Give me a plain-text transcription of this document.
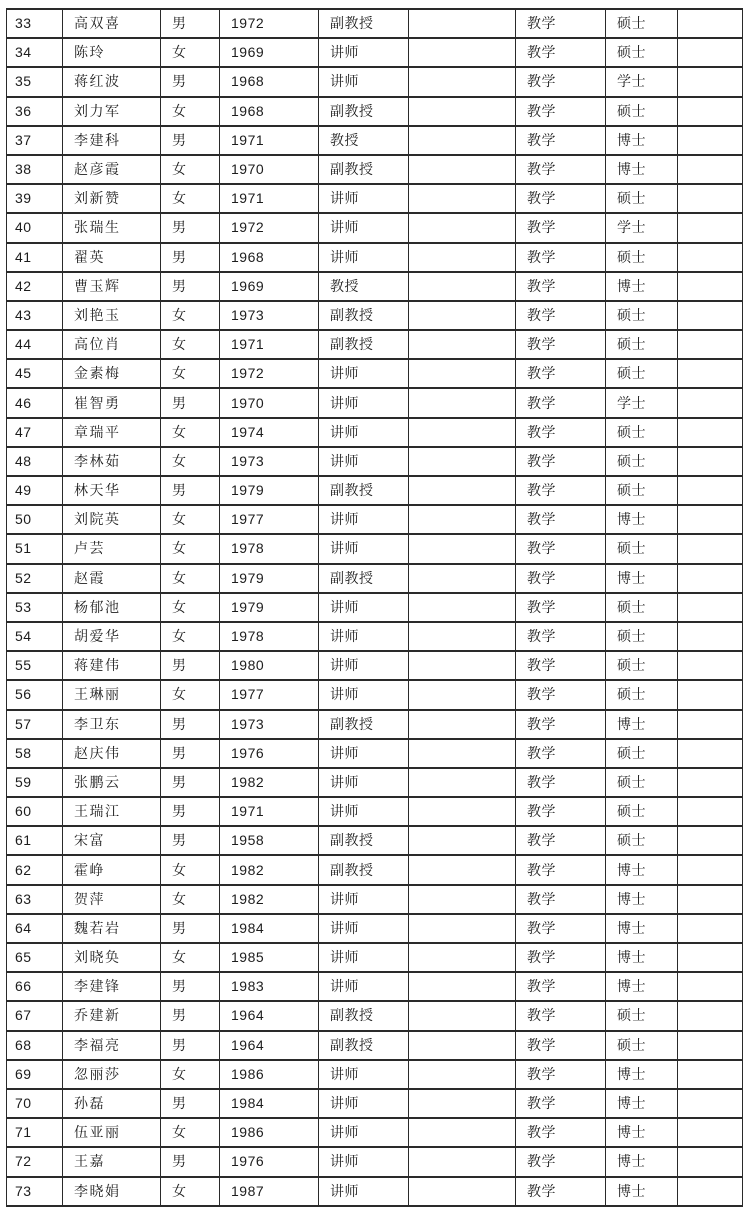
33	高双喜	男	1972	副教授		教学	硕士	
34	陈玲	女	1969	讲师		教学	硕士	
35	蒋红波	男	1968	讲师		教学	学士	
36	刘力军	女	1968	副教授		教学	硕士	
37	李建科	男	1971	教授		教学	博士	
38	赵彦霞	女	1970	副教授		教学	博士	
39	刘新赞	女	1971	讲师		教学	硕士	
40	张瑞生	男	1972	讲师		教学	学士	
41	翟英	男	1968	讲师		教学	硕士	
42	曹玉辉	男	1969	教授		教学	博士	
43	刘艳玉	女	1973	副教授		教学	硕士	
44	高位肖	女	1971	副教授		教学	硕士	
45	金素梅	女	1972	讲师		教学	硕士	
46	崔智勇	男	1970	讲师		教学	学士	
47	章瑞平	女	1974	讲师		教学	硕士	
48	李林茹	女	1973	讲师		教学	硕士	
49	林天华	男	1979	副教授		教学	硕士	
50	刘院英	女	1977	讲师		教学	博士	
51	卢芸	女	1978	讲师		教学	硕士	
52	赵霞	女	1979	副教授		教学	博士	
53	杨郁池	女	1979	讲师		教学	硕士	
54	胡爱华	女	1978	讲师		教学	硕士	
55	蒋建伟	男	1980	讲师		教学	硕士	
56	王琳丽	女	1977	讲师		教学	硕士	
57	李卫东	男	1973	副教授		教学	博士	
58	赵庆伟	男	1976	讲师		教学	硕士	
59	张鹏云	男	1982	讲师		教学	硕士	
60	王瑞江	男	1971	讲师		教学	硕士	
61	宋富	男	1958	副教授		教学	硕士	
62	霍峥	女	1982	副教授		教学	博士	
63	贺萍	女	1982	讲师		教学	博士	
64	魏若岩	男	1984	讲师		教学	博士	
65	刘晓奂	女	1985	讲师		教学	博士	
66	李建锋	男	1983	讲师		教学	博士	
67	乔建新	男	1964	副教授		教学	硕士	
68	李福亮	男	1964	副教授		教学	硕士	
69	忽丽莎	女	1986	讲师		教学	博士	
70	孙磊	男	1984	讲师		教学	博士	
71	伍亚丽	女	1986	讲师		教学	博士	
72	王嘉	男	1976	讲师		教学	博士	
73	李晓娟	女	1987	讲师		教学	博士	
